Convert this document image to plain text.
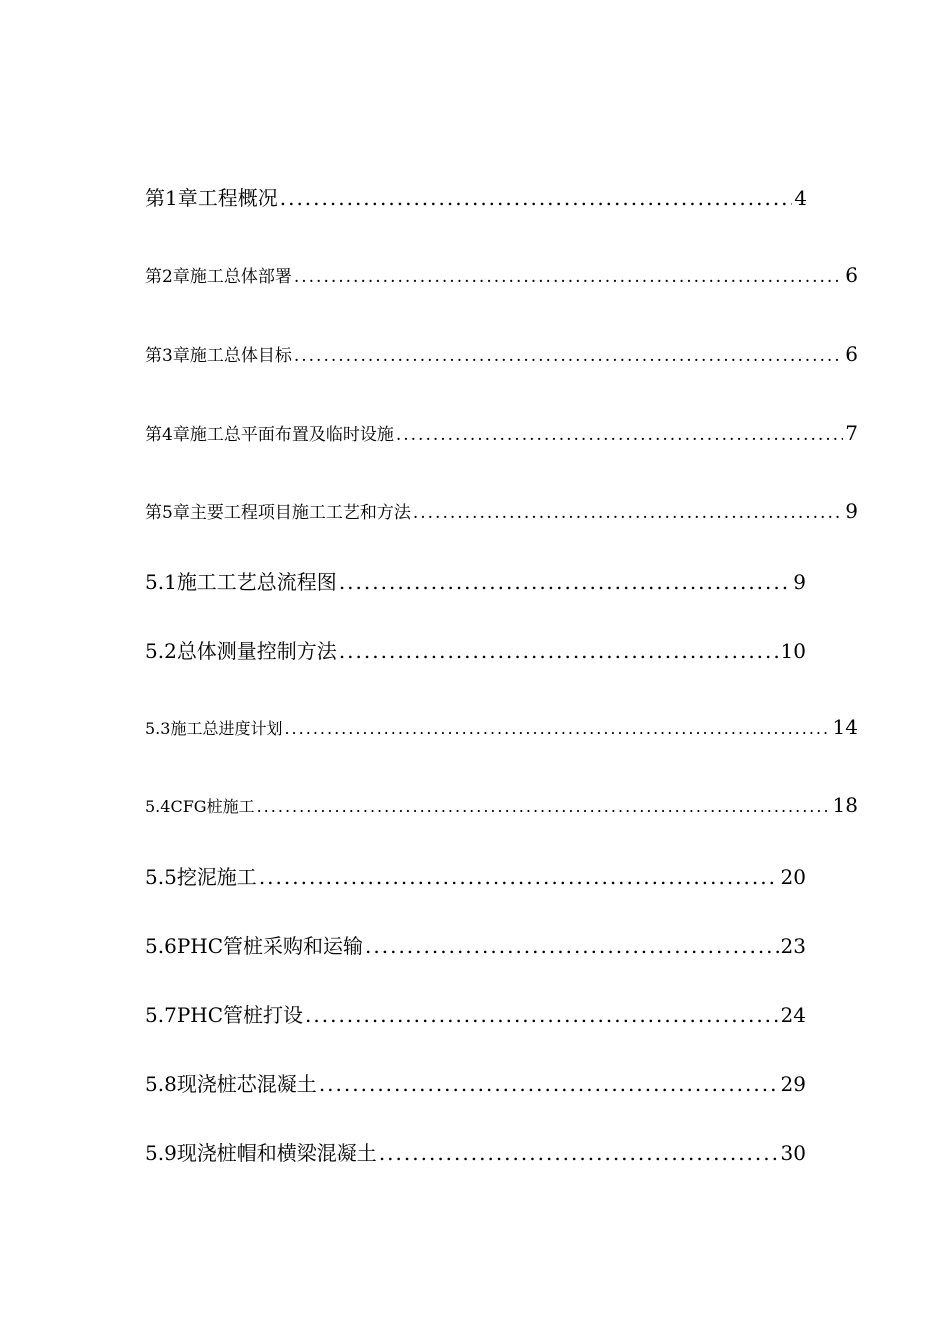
第1章 工程概况 .....	4
第2章 施工总体部署 .....	6
第3章 施工总体目标 .....	6
第4章 施工总平面布置及临时设施 .....	7
第5章 主要工程项目施工工艺和方法 .....	9
5.1 施工工艺总流程图 .....	9
5.2 总体测量控制方法 .....	10
5.3 施工总进度计划 .....	14
5.4 CFG桩施工 .....	18
5.5 挖泥施工 .....	20
5.6 PHC管桩采购和运输 .....	23
5.7 PHC管桩打设 .....	24
5.8 现浇桩芯混凝土 .....	29
5.9 现浇桩帽和横梁混凝土 .....	30
